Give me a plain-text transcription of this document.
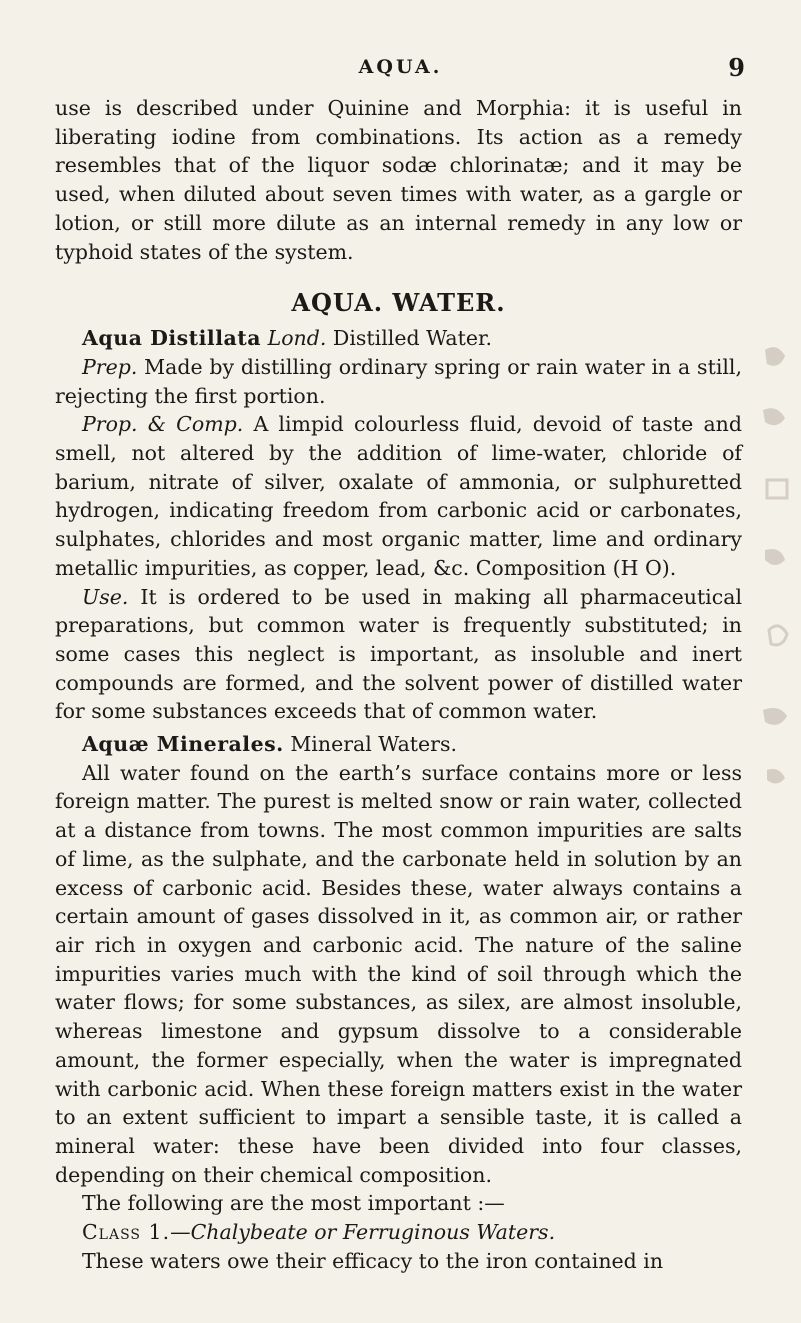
AQUA.	9

use is described under Quinine and Morphia: it is useful in liberating iodine from combinations. Its action as a remedy resembles that of the liquor sodæ chlorinatæ; and it may be used, when diluted about seven times with water, as a gargle or lotion, or still more dilute as an internal remedy in any low or typhoid states of the system.

AQUA. WATER.

Aqua Distillata Lond. Distilled Water.

Prep. Made by distilling ordinary spring or rain water in a still, rejecting the first portion.

Prop. & Comp. A limpid colourless fluid, devoid of taste and smell, not altered by the addition of lime-water, chloride of barium, nitrate of silver, oxalate of ammonia, or sulphuretted hydrogen, indicating freedom from carbonic acid or carbonates, sulphates, chlorides and most organic matter, lime and ordinary metallic impurities, as copper, lead, &c. Composition (H O).

Use. It is ordered to be used in making all pharmaceutical preparations, but common water is frequently substituted; in some cases this neglect is important, as insoluble and inert compounds are formed, and the solvent power of distilled water for some substances exceeds that of common water.

Aquæ Minerales. Mineral Waters.

All water found on the earth’s surface contains more or less foreign matter. The purest is melted snow or rain water, collected at a distance from towns. The most common impurities are salts of lime, as the sulphate, and the carbonate held in solution by an excess of carbonic acid. Besides these, water always contains a certain amount of gases dissolved in it, as common air, or rather air rich in oxygen and carbonic acid. The nature of the saline impurities varies much with the kind of soil through which the water flows; for some substances, as silex, are almost insoluble, whereas limestone and gypsum dissolve to a considerable amount, the former especially, when the water is impregnated with carbonic acid. When these foreign matters exist in the water to an extent sufficient to impart a sensible taste, it is called a mineral water: these have been divided into four classes, depending on their chemical composition.

The following are the most important :—

Class 1.—Chalybeate or Ferruginous Waters.

These waters owe their efficacy to the iron contained in
